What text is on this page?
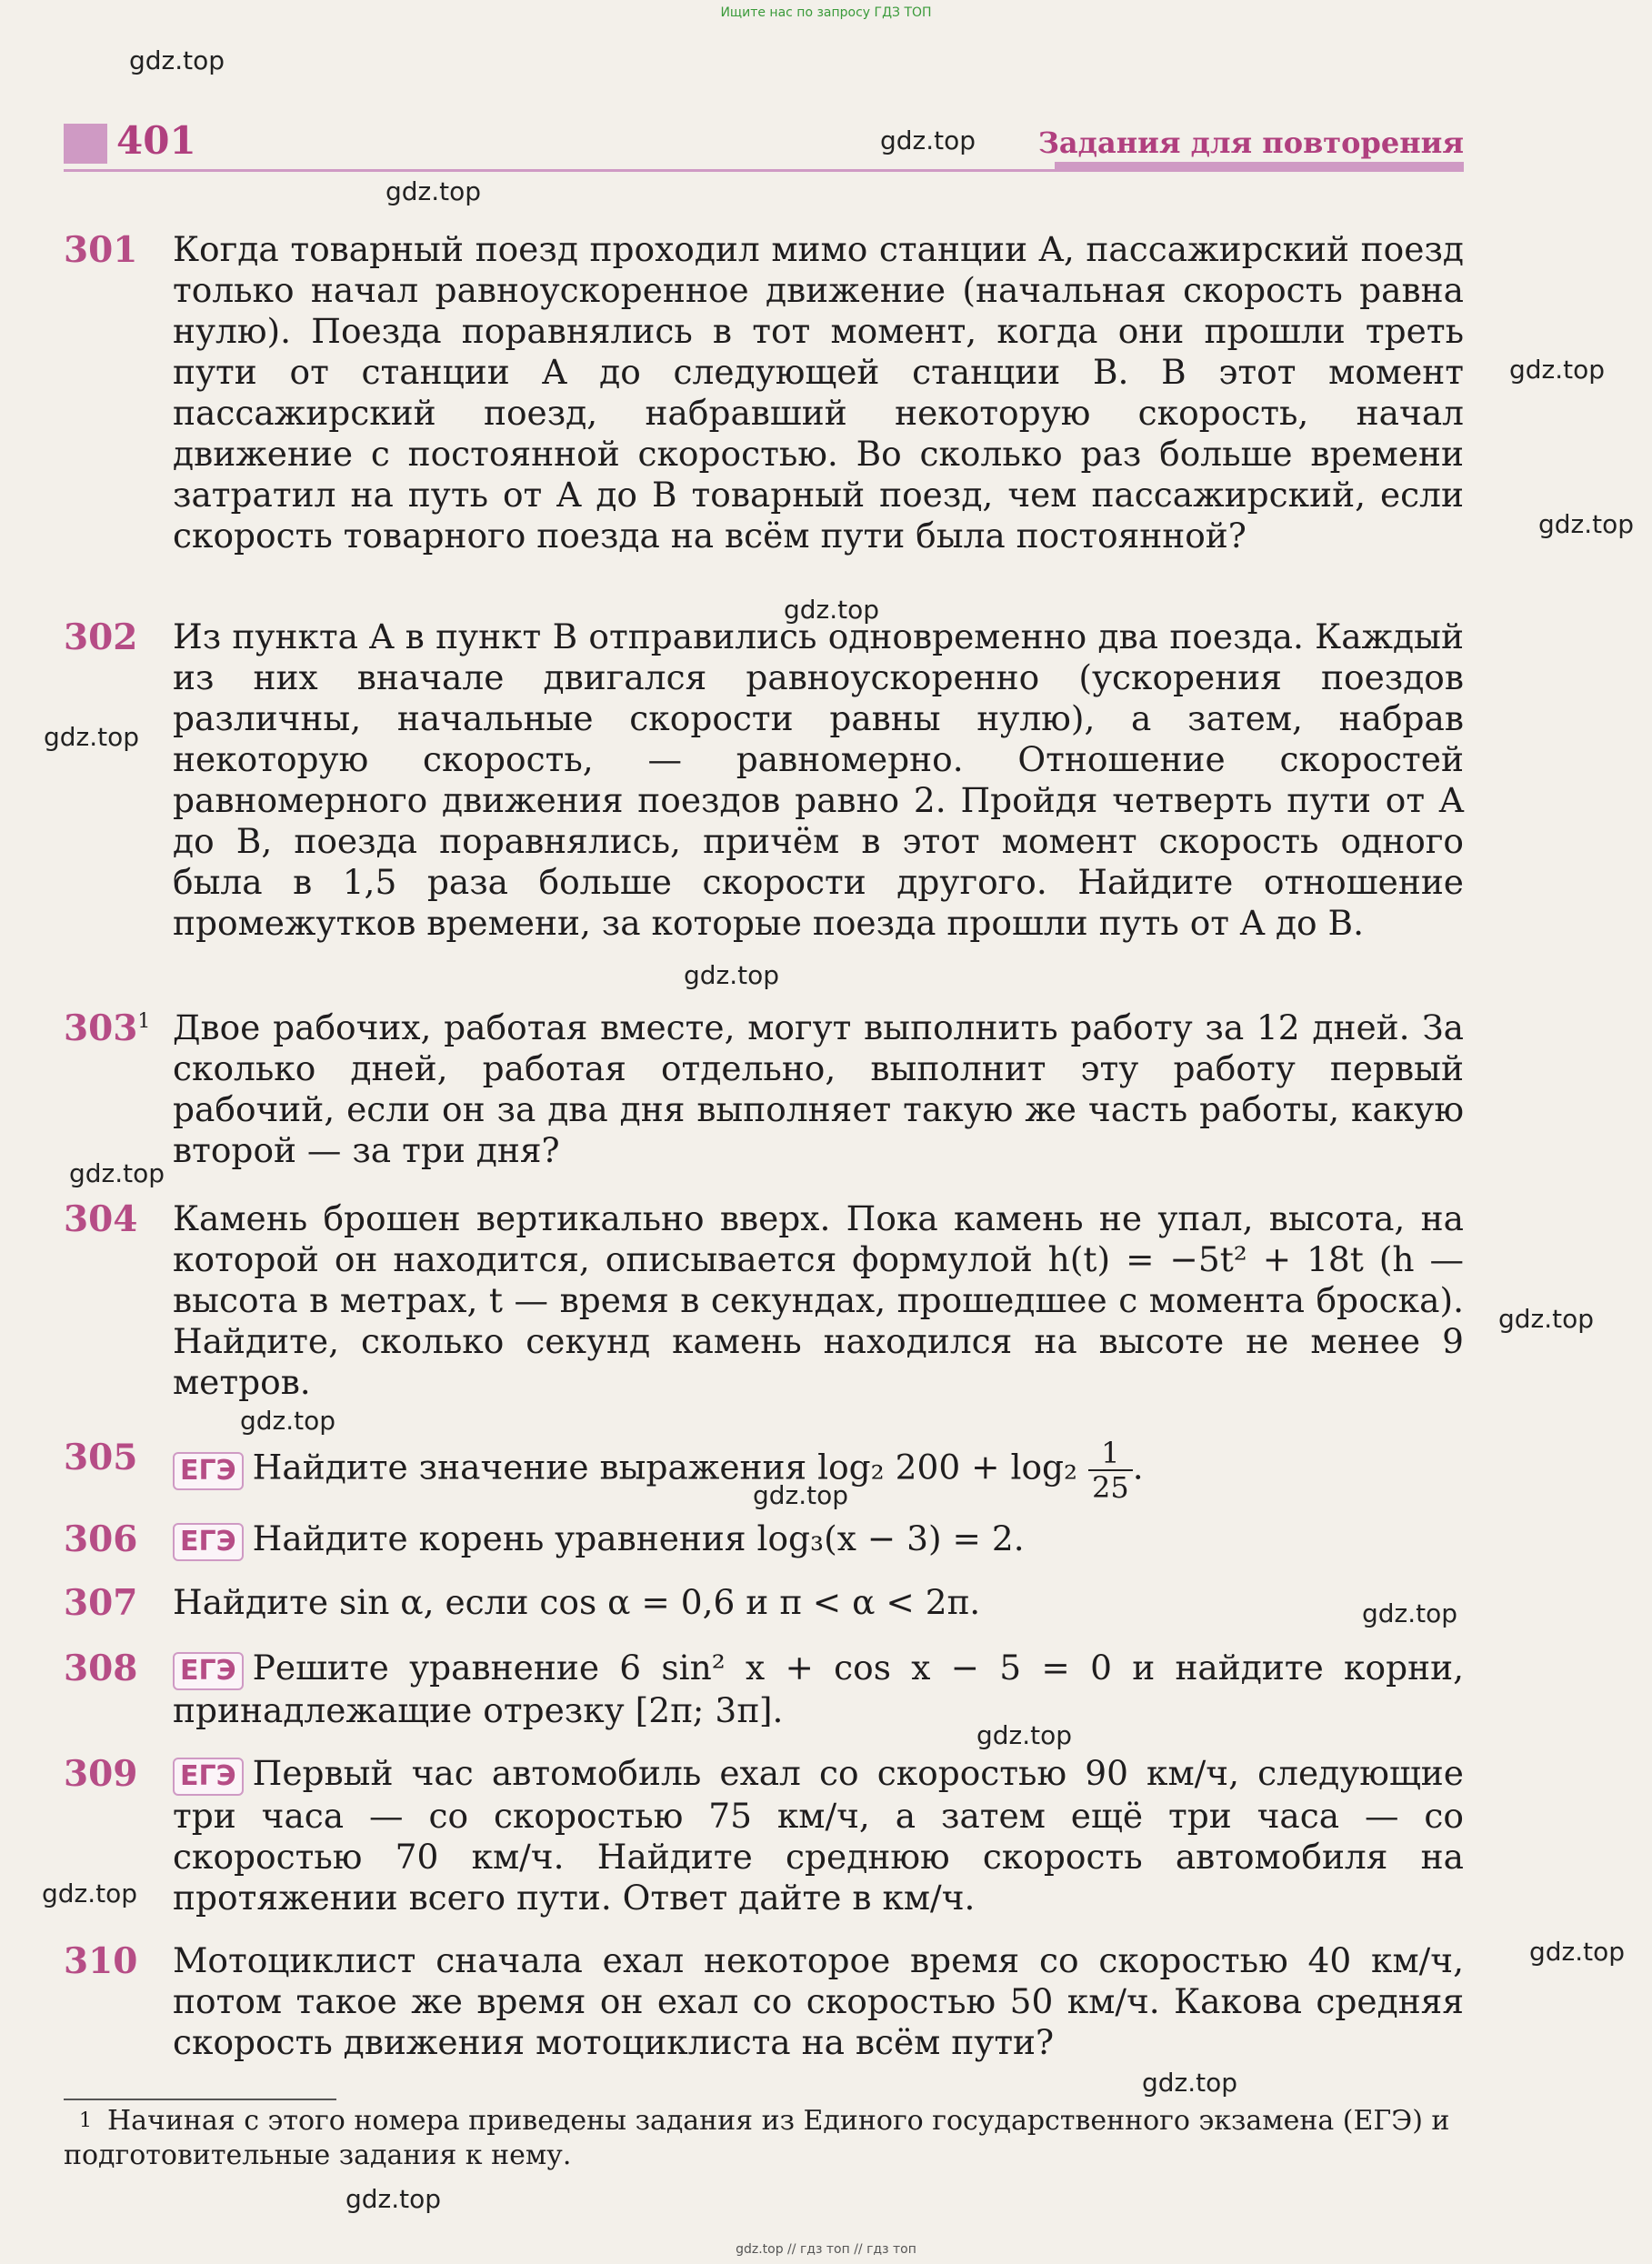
Ищите нас по запросу ГДЗ ТОП
401	Задания для повторения
301 Когда товарный поезд проходил мимо станции A, пассажирский поезд только начал равноускоренное движение (начальная скорость равна нулю). Поезда поравнялись в тот момент, когда они прошли треть пути от станции A до следующей станции B. В этот момент пассажирский поезд, набравший некоторую скорость, начал движение с постоянной скоростью. Во сколько раз больше времени затратил на путь от A до B товарный поезд, чем пассажирский, если скорость товарного поезда на всём пути была постоянной?
302 Из пункта A в пункт B отправились одновременно два поезда. Каждый из них вначале двигался равноускоренно (ускорения поездов различны, начальные скорости равны нулю), а затем, набрав некоторую скорость, — равномерно. Отношение скоростей равномерного движения поездов равно 2. Пройдя четверть пути от A до B, поезда поравнялись, причём в этот момент скорость одного была в 1,5 раза больше скорости другого. Найдите отношение промежутков времени, за которые поезда прошли путь от A до B.
$303^1$ Двое рабочих, работая вместе, могут выполнить работу за 12 дней. За сколько дней, работая отдельно, выполнит эту работу первый рабочий, если он за два дня выполняет такую же часть работы, какую второй — за три дня?
304 Камень брошен вертикально вверх. Пока камень не упал, высота, на которой он находится, описывается формулой h(t) = −5t² + 18t (h — высота в метрах, t — время в секундах, прошедшее с момента броска). Найдите, сколько секунд камень находился на высоте не менее 9 метров.
305 ЕГЭ Найдите значение выражения log₂ $200 + \log_2 \frac{1}{25}$ .
306 ЕГЭ Найдите корень уравнения log₃(x − 3) = 2.
307 Найдите sin α, если cos α = 0,6 и π < α < 2π.
308 ЕГЭ Решите уравнение 6 sin² x + cos x − 5 = 0 и найдите корни, принадлежащие отрезку [2π; 3π].
309 ЕГЭ Первый час автомобиль ехал со скоростью 90 км/ч, следующие три часа — со скоростью 75 км/ч, а затем ещё три часа — со скоростью 70 км/ч. Найдите среднюю скорость автомобиля на протяжении всего пути. Ответ дайте в км/ч.
310 Мотоциклист сначала ехал некоторое время со скоростью 40 км/ч, потом такое же время он ехал со скоростью 50 км/ч. Какова средняя скорость движения мотоциклиста на всём пути?
1 Начиная с этого номера приведены задания из Единого государственного экзамена (ЕГЭ) и подготовительные задания к нему.
gdz.top // гдз топ // гдз топ
gdz.top
gdz.top
gdz.top
gdz.top
gdz.top
gdz.top
gdz.top
gdz.top
gdz.top
gdz.top
gdz.top
gdz.top
gdz.top
gdz.top
gdz.top
gdz.top
gdz.top
gdz.top
